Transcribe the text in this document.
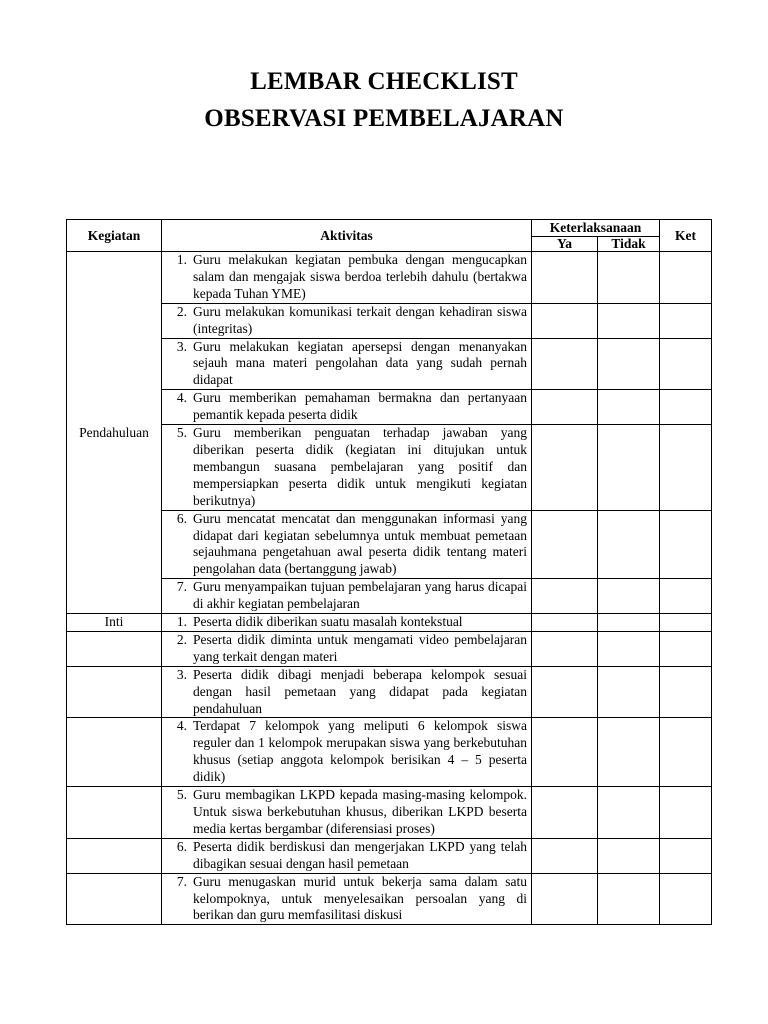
LEMBAR CHECKLIST
OBSERVASI PEMBELAJARAN
Kegiatan	Aktivitas	Keterlaksanaan		Ket
		Ya	Tidak	
Pendahuluan	1. Guru melakukan kegiatan pembuka dengan mengucapkan salam dan mengajak siswa berdoa terlebih dahulu (bertakwa kepada Tuhan YME)			

	2. Guru melakukan komunikasi terkait dengan kehadiran siswa (integritas)			

	3. Guru melakukan kegiatan apersepsi dengan menanyakan sejauh mana materi pengolahan data yang sudah pernah didapat			

	4. Guru memberikan pemahaman bermakna dan pertanyaan pemantik kepada peserta didik			

	5. Guru memberikan penguatan terhadap jawaban yang diberikan peserta didik (kegiatan ini ditujukan untuk membangun suasana pembelajaran yang positif dan mempersiapkan peserta didik untuk mengikuti kegiatan berikutnya)			

	6. Guru mencatat mencatat dan menggunakan informasi yang didapat dari kegiatan sebelumnya untuk membuat pemetaan sejauhmana pengetahuan awal peserta didik tentang materi pengolahan data (bertanggung jawab)			

	7. Guru menyampaikan tujuan pembelajaran yang harus dicapai di akhir kegiatan pembelajaran			

Inti	1. Peserta didik diberikan suatu masalah kontekstual			

	2. Peserta didik diminta untuk mengamati video pembelajaran yang terkait dengan materi			

	3. Peserta didik dibagi menjadi beberapa kelompok sesuai dengan hasil pemetaan yang didapat pada kegiatan pendahuluan			

	4. Terdapat 7 kelompok yang meliputi 6 kelompok siswa reguler dan 1 kelompok merupakan siswa yang berkebutuhan khusus (setiap anggota kelompok berisikan 4 – 5 peserta didik)			

	5. Guru membagikan LKPD kepada masing-masing kelompok. Untuk siswa berkebutuhan khusus, diberikan LKPD beserta media kertas bergambar (diferensiasi proses)			

	6. Peserta didik berdiskusi dan mengerjakan LKPD yang telah dibagikan sesuai dengan hasil pemetaan			

	7. Guru menugaskan murid untuk bekerja sama dalam satu kelompoknya, untuk menyelesaikan persoalan yang di berikan dan guru memfasilitasi diskusi			
